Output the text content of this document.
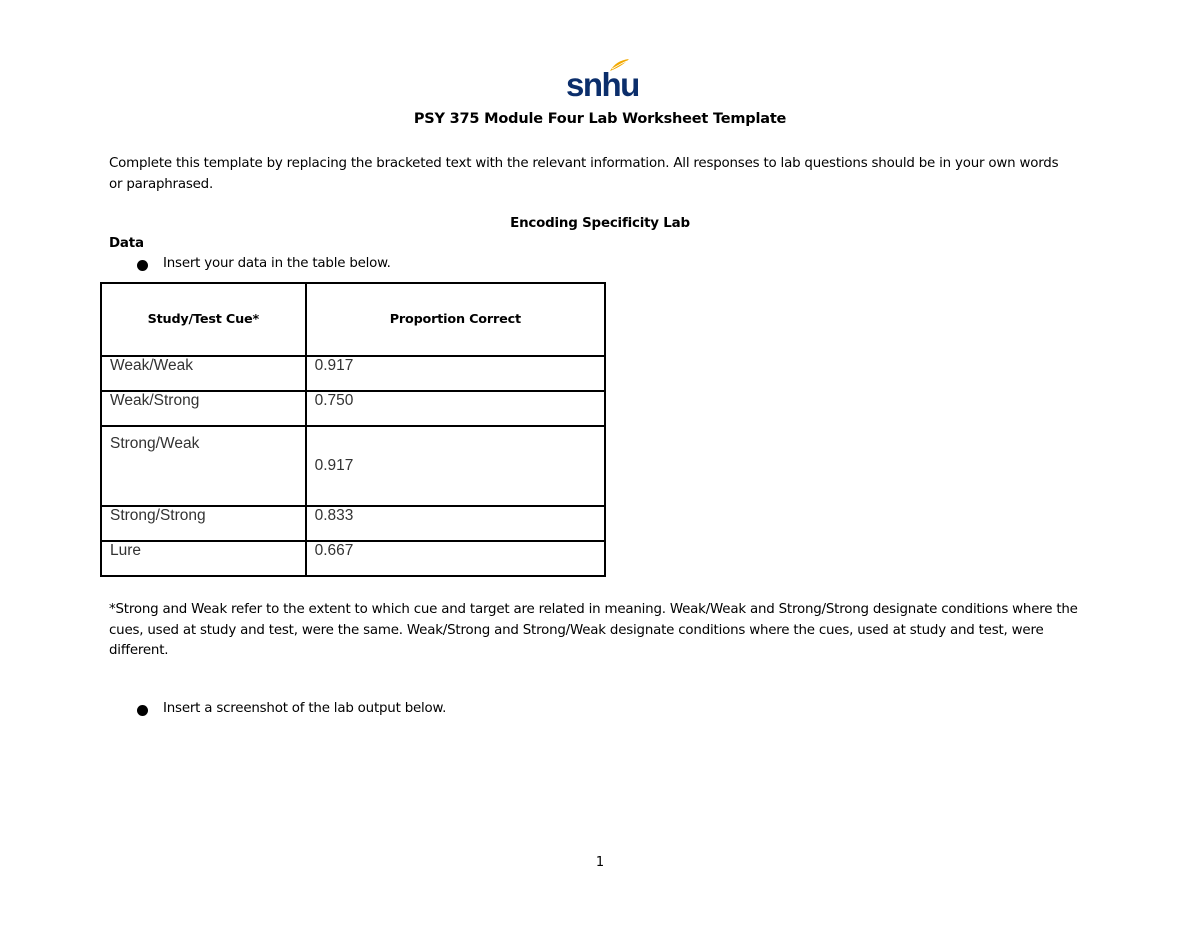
snhu
PSY 375 Module Four Lab Worksheet Template
Complete this template by replacing the bracketed text with the relevant information. All responses to lab questions should be in your own words or paraphrased.
Encoding Specificity Lab
Data
Insert your data in the table below.
Study/Test Cue*	Proportion Correct
Weak/Weak	0.917
Weak/Strong	0.750
Strong/Weak	0.917
Strong/Strong	0.833
Lure	0.667
*Strong and Weak refer to the extent to which cue and target are related in meaning. Weak/Weak and Strong/Strong designate conditions where the cues, used at study and test, were the same. Weak/Strong and Strong/Weak designate conditions where the cues, used at study and test, were different.
Insert a screenshot of the lab output below.
1
